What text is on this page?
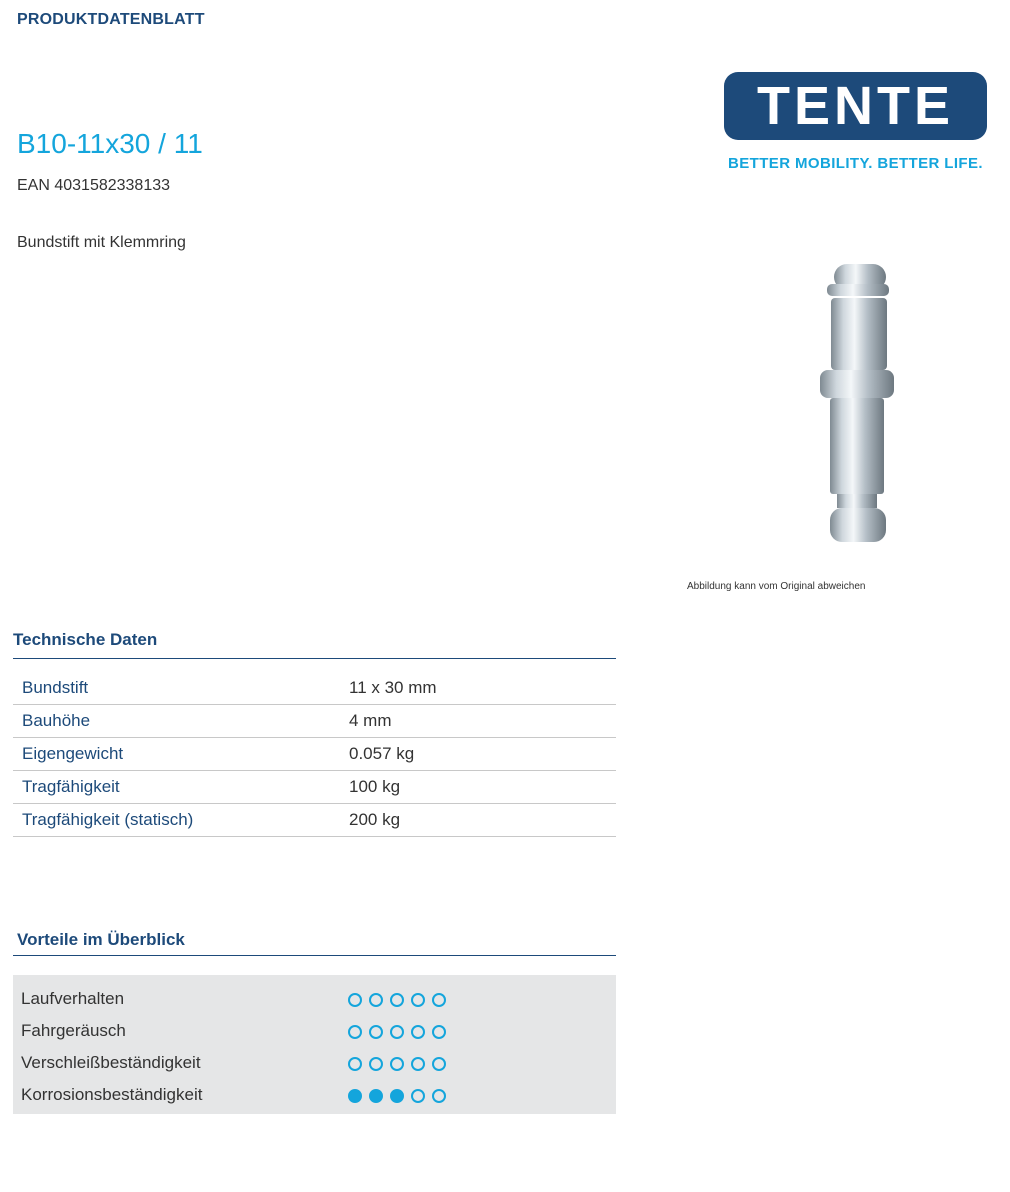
PRODUKTDATENBLATT
B10-11x30 / 11
EAN 4031582338133
Bundstift mit Klemmring
TENTE
BETTER MOBILITY. BETTER LIFE.
Abbildung kann vom Original abweichen
Technische Daten
Bundstift	11 x 30 mm
Bauhöhe	4 mm
Eigengewicht	0.057 kg
Tragfähigkeit	100 kg
Tragfähigkeit (statisch)	200 kg
Vorteile im Überblick
Laufverhalten
Fahrgeräusch
Verschleißbeständigkeit
Korrosionsbeständigkeit
